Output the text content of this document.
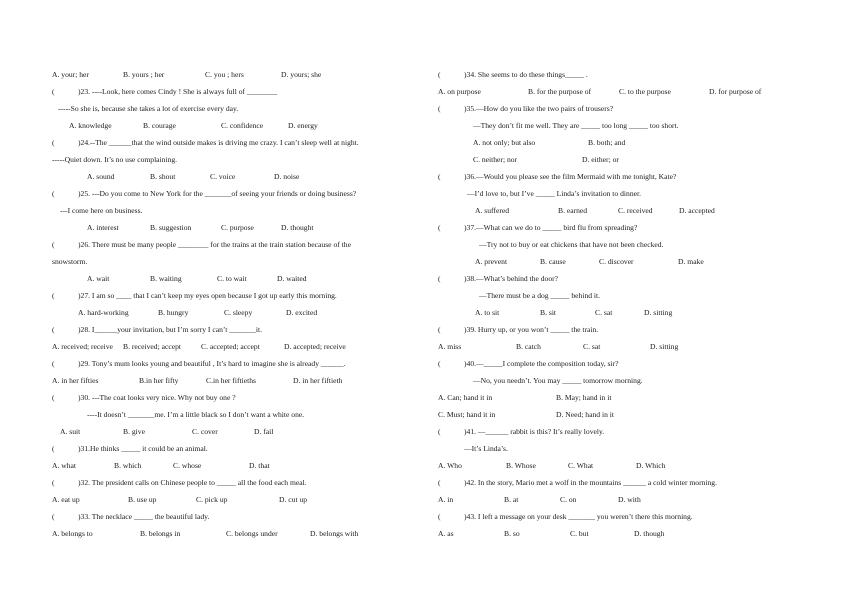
A. your; her	B. yours ; her	C. you ; hers	D. yours; she
(	)23. ----Look, here comes Cindy ! She is always full of ________
-----So she is, because she takes a lot of exercise every day.
A. knowledge	B. courage	C. confidence	D. energy
(	)24.--The ______that the wind outside makes is driving me crazy. I can’t sleep well at night.
-----Quiet down. It’s no use complaining.
A. sound	B. shout	C. voice	D. noise
(	)25. ---Do you come to New York for the _______of seeing your friends or doing business?
---I come here on business.
A. interest	B. suggestion	C. purpose	D. thought
(	)26. There must be many people ________ for the trains at the train station because of the
snowstorm.
A. wait	B. waiting	C. to wait	D. waited
(	)27. I am so ____ that I can’t keep my eyes open because I got up early this morning.
A. hard-working	B. hungry	C. sleepy	D. excited
(	)28. I______your invitation, but I’m sorry I can’t _______it.
A. received; receive B. received; accept	C. accepted; accept	D. accepted; receive
(	)29. Tony’s mum looks young and beautiful , It’s hard to imagine she is already ______.
A. in her fifties	B.in her fifty	C.in her fiftieths	D. in her fiftieth
(	)30. ---The coat looks very nice. Why not buy one ?
----It doesn’t _______me. I’m a little black so I don’t want a white one.
A. suit	B. give	C. cover	D. fail
(	)31.He thinks _____ it could be an animal.
A. what	B. which	C. whose	D. that
(	)32. The president calls on Chinese people to _____ all the food each meal.
A. eat up	B. use up	C. pick up	D. cut up
(	)33. The necklace _____ the beautiful lady.
A. belongs to	B. belongs in	C. belongs under	D. belongs with
(	)34. She seems to do these things_____ .
A. on purpose	B. for the purpose of	C. to the purpose	D. for purpose of
(	)35.—How do you like the two pairs of trousers?
—They don’t fit me well. They are _____ too long _____ too short.
A. not only; but also	B. both; and
C. neither; nor	D. either; or
(	)36.—Would you please see the film Mermaid with me tonight, Kate?
—I’d love to, but I’ve _____ Linda’s invitation to dinner.
A. suffered	B. earned	C. received	D. accepted
(	)37.—What can we do to _____ bird flu from spreading?
—Try not to buy or eat chickens that have not been checked.
A. prevent	B. cause	C. discover	D. make
(	)38.—What’s behind the door?
—There must be a dog _____ behind it.
A. to sit	B. sit	C. sat	D. sitting
(	)39. Hurry up, or you won’t _____ the train.
A. miss	B. catch	C. sat	D. sitting
(	)40.—_____I complete the composition today, sir?
—No, you needn’t. You may _____ tomorrow morning.
A. Can; hand it in	B. May; hand in it
C. Must; hand it in	D. Need; hand in it
(	)41. —______ rabbit is this? It’s really lovely.
—It’s Linda’s.
A. Who	B. Whose	C. What	D. Which
(	)42. In the story, Mario met a wolf in the mountains ______ a cold winter morning.
A. in	B. at	C. on	D. with
(	)43. I left a message on your desk _______ you weren’t there this morning.
A. as	B. so	C. but	D. though
